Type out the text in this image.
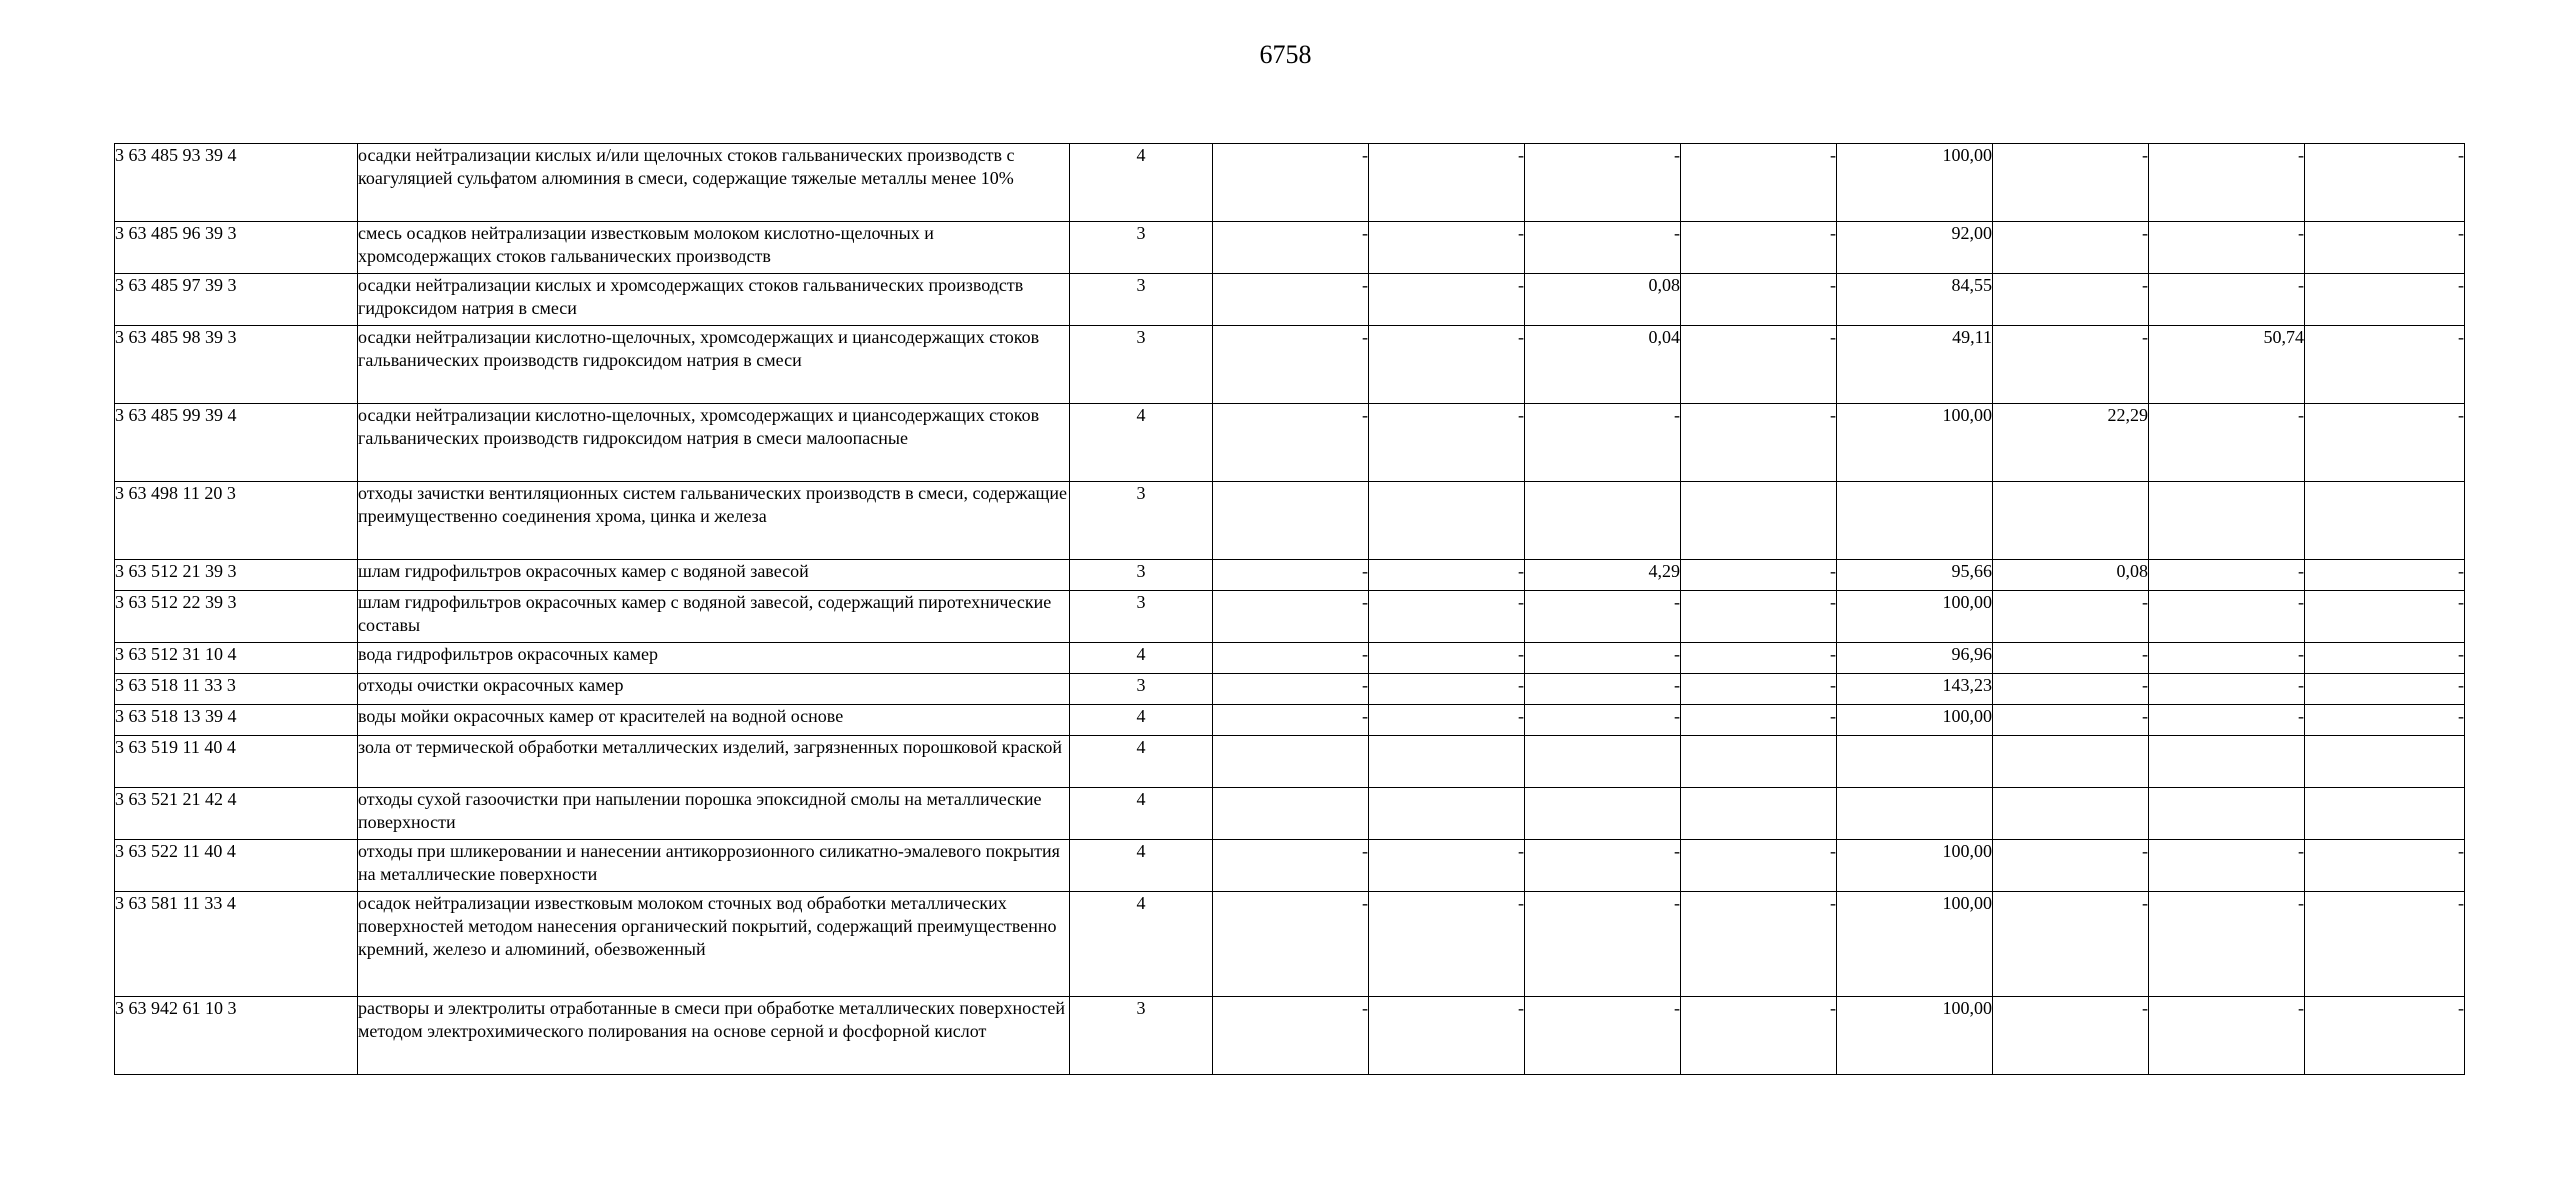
6758
3 63 485 93 39 4	осадки нейтрализации кислых и/или щелочных стоков гальванических производств с коагуляцией сульфатом алюминия в смеси, содержащие тяжелые металлы менее 10%	4	-	-	-	-	100,00	-	-	-
3 63 485 96 39 3	смесь осадков нейтрализации известковым молоком кислотно-щелочных и хромсодержащих стоков гальванических производств	3	-	-	-	-	92,00	-	-	-
3 63 485 97 39 3	осадки нейтрализации кислых и хромсодержащих стоков гальванических производств гидроксидом натрия в смеси	3	-	-	0,08	-	84,55	-	-	-
3 63 485 98 39 3	осадки нейтрализации кислотно-щелочных, хромсодержащих и циансодержащих стоков гальванических производств гидроксидом натрия в смеси	3	-	-	0,04	-	49,11	-	50,74	-
3 63 485 99 39 4	осадки нейтрализации кислотно-щелочных, хромсодержащих и циансодержащих стоков гальванических производств гидроксидом натрия в смеси малоопасные	4	-	-	-	-	100,00	22,29	-	-
3 63 498 11 20 3	отходы зачистки вентиляционных систем гальванических производств в смеси, содержащие преимущественно соединения хрома, цинка и железа	3								
3 63 512 21 39 3	шлам гидрофильтров окрасочных камер с водяной завесой	3	-	-	4,29	-	95,66	0,08	-	-
3 63 512 22 39 3	шлам гидрофильтров окрасочных камер с водяной завесой, содержащий пиротехнические составы	3	-	-	-	-	100,00	-	-	-
3 63 512 31 10 4	вода гидрофильтров окрасочных камер	4	-	-	-	-	96,96	-	-	-
3 63 518 11 33 3	отходы очистки окрасочных камер	3	-	-	-	-	143,23	-	-	-
3 63 518 13 39 4	воды мойки окрасочных камер от красителей на водной основе	4	-	-	-	-	100,00	-	-	-
3 63 519 11 40 4	зола от термической обработки металлических изделий, загрязненных порошковой краской	4								
3 63 521 21 42 4	отходы сухой газоочистки при напылении порошка эпоксидной смолы на металлические поверхности	4								
3 63 522 11 40 4	отходы при шликеровании и нанесении антикоррозионного силикатно-эмалевого покрытия на металлические поверхности	4	-	-	-	-	100,00	-	-	-
3 63 581 11 33 4	осадок нейтрализации известковым молоком сточных вод обработки металлических поверхностей методом нанесения органический покрытий, содержащий преимущественно кремний, железо и алюминий, обезвоженный	4	-	-	-	-	100,00	-	-	-
3 63 942 61 10 3	растворы и электролиты отработанные в смеси при обработке металлических поверхностей методом электрохимического полирования на основе серной и фосфорной кислот	3	-	-	-	-	100,00	-	-	-
